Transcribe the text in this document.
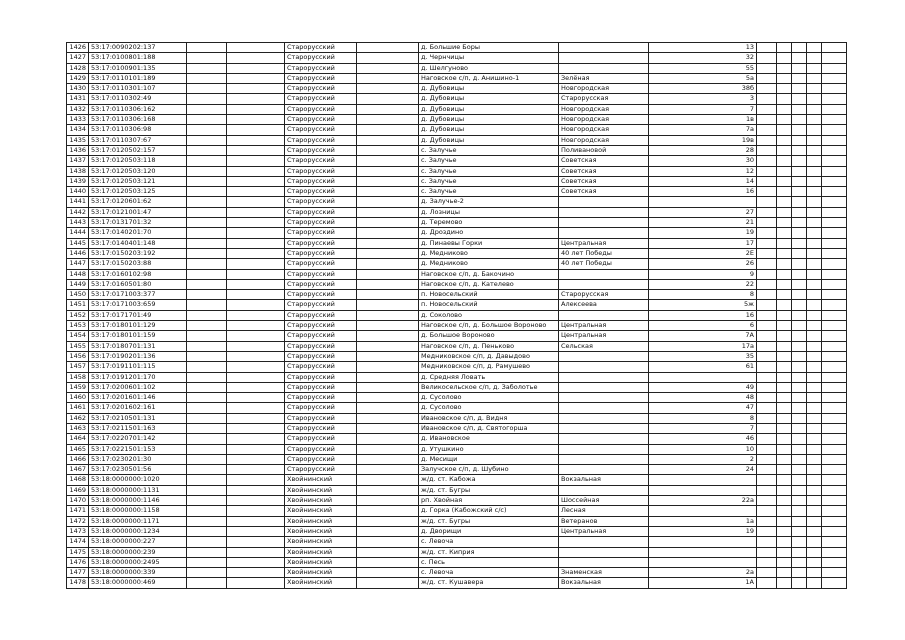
1426	53:17:0090202:137			Старорусский		д. Большие Боры		13					
1427	53:17:0100801:188			Старорусский		д. Чернчицы		32					
1428	53:17:0100901:135			Старорусский		д. Шелгуново		55					
1429	53:17:0110101:189			Старорусский		Наговское с/п, д. Анишино-1	Зелёная	5а					
1430	53:17:0110301:107			Старорусский		д. Дубовицы	Новгородская	38б					
1431	53:17:0110302:49			Старорусский		д. Дубовицы	Старорусская	3					
1432	53:17:0110306:162			Старорусский		д. Дубовицы	Новгородская	7					
1433	53:17:0110306:168			Старорусский		д. Дубовицы	Новгородская	1в					
1434	53:17:0110306:98			Старорусский		д. Дубовицы	Новгородская	7а					
1435	53:17:0110307:67			Старорусский		д. Дубовицы	Новгородская	19в					
1436	53:17:0120502:157			Старорусский		с. Залучье	Поливановой	28					
1437	53:17:0120503:118			Старорусский		с. Залучье	Советская	30					
1438	53:17:0120503:120			Старорусский		с. Залучье	Советская	12					
1439	53:17:0120503:121			Старорусский		с. Залучье	Советская	14					
1440	53:17:0120503:125			Старорусский		с. Залучье	Советская	16					
1441	53:17:0120601:62			Старорусский		д. Залучье-2							
1442	53:17:0121001:47			Старорусский		д. Лозницы		27					
1443	53:17:0131701:32			Старорусский		д. Теремово		21					
1444	53:17:0140201:70			Старорусский		д. Дроздино		19					
1445	53:17:0140401:148			Старорусский		д. Пинаевы Горки	Центральная	17					
1446	53:17:0150203:192			Старорусский		д. Медниково	40 лет Победы	2Е					
1447	53:17:0150203:88			Старорусский		д. Медниково	40 лет Победы	26					
1448	53:17:0160102:98			Старорусский		Наговское с/п, д. Бакочино		9					
1449	53:17:0160501:80			Старорусский		Наговское с/п, д. Кателево		22					
1450	53:17:0171003:377			Старорусский		п. Новосельский	Старорусская	8					
1451	53:17:0171003:659			Старорусский		п. Новосельский	Алексеева	5ж					
1452	53:17:0171701:49			Старорусский		д. Соколово		16					
1453	53:17:0180101:129			Старорусский		Наговское с/п, д. Большое Вороново	Центральная	6					
1454	53:17:0180101:159			Старорусский		д. Большое Вороново	Центральная	7А					
1455	53:17:0180701:131			Старорусский		Наговское с/п, д. Пеньково	Сельская	17а					
1456	53:17:0190201:136			Старорусский		Медниковское с/п, д. Давыдово		35					
1457	53:17:0191101:115			Старорусский		Медниковское с/п, д. Рамушево		61					
1458	53:17:0191201:170			Старорусский		д. Средняя Ловать							
1459	53:17:0200601:102			Старорусский		Великосельское с/п, д. Заболотье		49					
1460	53:17:0201601:146			Старорусский		д. Сусолово		48					
1461	53:17:0201602:161			Старорусский		д. Сусолово		47					
1462	53:17:0210501:131			Старорусский		Ивановское с/п, д. Видня		8					
1463	53:17:0211501:163			Старорусский		Ивановское с/п, д. Святогорша		7					
1464	53:17:0220701:142			Старорусский		д. Ивановское		46					
1465	53:17:0221501:153			Старорусский		д. Утушкино		10					
1466	53:17:0230201:30			Старорусский		д. Месищи		2					
1467	53:17:0230501:56			Старорусский		Залучское с/п, д. Шубино		24					
1468	53:18:0000000:1020			Хвойнинский		ж/д. ст. Кабожа	Вокзальная						
1469	53:18:0000000:1131			Хвойнинский		ж/д. ст. Бугры							
1470	53:18:0000000:1146			Хвойнинский		рп. Хвойная	Шоссейная	22а					
1471	53:18:0000000:1158			Хвойнинский		д. Горка (Кабожский с/с)	Лесная						
1472	53:18:0000000:1171			Хвойнинский		ж/д. ст. Бугры	Ветеранов	1а					
1473	53:18:0000000:1234			Хвойнинский		д. Дворищи	Центральная	19					
1474	53:18:0000000:227			Хвойнинский		с. Левоча							
1475	53:18:0000000:239			Хвойнинский		ж/д. ст. Киприя							
1476	53:18:0000000:2495			Хвойнинский		с. Песь							
1477	53:18:0000000:339			Хвойнинский		с. Левоча	Знаменская	2а					
1478	53:18:0000000:469			Хвойнинский		ж/д. ст. Кушавера	Вокзальная	1А					
